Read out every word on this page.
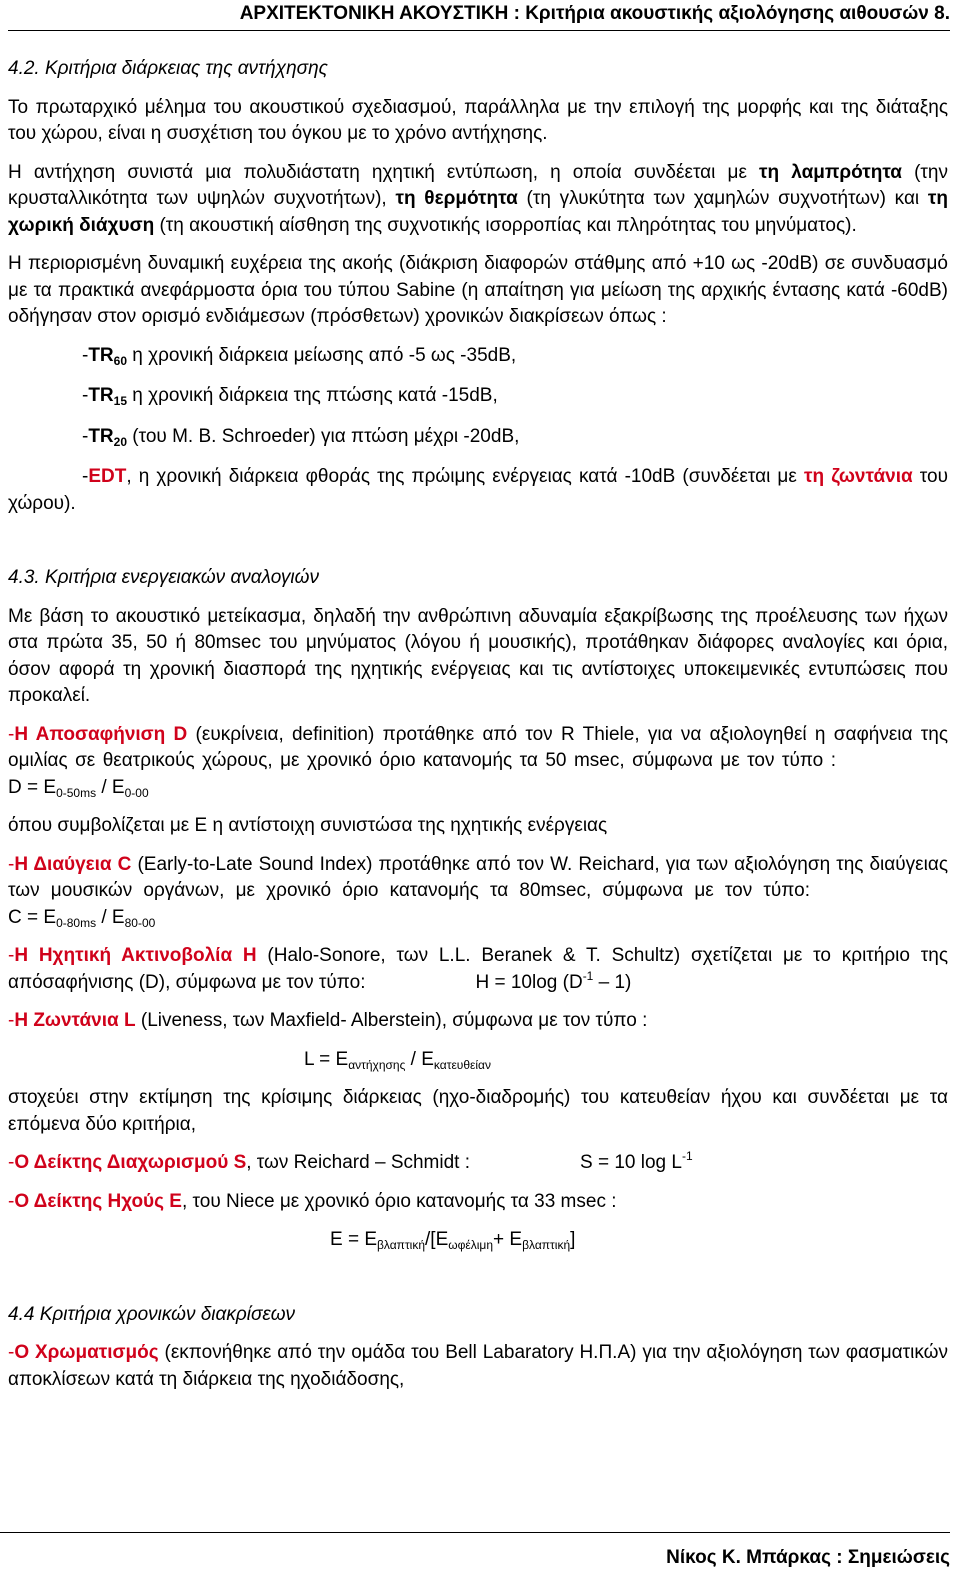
ΑΡΧΙΤΕΚΤΟΝΙΚΗ ΑΚΟΥΣΤΙΚΗ : Κριτήρια ακουστικής αξιολόγησης αιθουσών 8.
4.2. Κριτήρια διάρκειας της αντήχησης

Το πρωταρχικό μέλημα του ακουστικού σχεδιασμού, παράλληλα με την επιλογή της μορφής και της διάταξης του χώρου, είναι η συσχέτιση του όγκου με το χρόνο αντήχησης.

Η αντήχηση συνιστά μια πολυδιάστατη ηχητική εντύπωση, η οποία συνδέεται με τη λαμπρότητα (την κρυσταλλικότητα των υψηλών συχνοτήτων), τη θερμότητα (τη γλυκύτητα των χαμηλών συχνοτήτων) και τη χωρική διάχυση (τη ακουστική αίσθηση της συχνοτικής ισορροπίας και πληρότητας του μηνύματος).

Η περιορισμένη δυναμική ευχέρεια της ακοής (διάκριση διαφορών στάθμης από +10 ως -20dB) σε συνδυασμό με τα πρακτικά ανεφάρμοστα όρια του τύπου Sabine (η απαίτηση για μείωση της αρχικής έντασης κατά -60dB) οδήγησαν στον ορισμό ενδιάμεσων (πρόσθετων) χρονικών διακρίσεων όπως :

$-TR_{60}$ η χρονική διάρκεια μείωσης από -5 ως -35dB,
$-TR_{15}$ η χρονική διάρκεια της πτώσης κατά -15dB,
$-TR_{20}$ (του M. B. Schroeder) για πτώση μέχρι -20dB,

-EDT, η χρονική διάρκεια φθοράς της πρώιμης ενέργειας κατά -10dB (συνδέεται με τη ζωντάνια του χώρου).

4.3. Κριτήρια ενεργειακών αναλογιών

Με βάση το ακουστικό μετείκασμα, δηλαδή την ανθρώπινη αδυναμία εξακρίβωσης της προέλευσης των ήχων στα πρώτα 35, 50 ή 80msec του μηνύματος (λόγου ή μουσικής), προτάθηκαν διάφορες αναλογίες και όρια, όσον αφορά τη χρονική διασπορά της ηχητικής ενέργειας και τις αντίστοιχες υποκειμενικές εντυπώσεις που προκαλεί.

-Η Αποσαφήνιση D (ευκρίνεια, definition) προτάθηκε από τον R Thiele, για να αξιολογηθεί η σαφήνεια της ομιλίας σε θεατρικούς χώρους, με χρονικό όριο κατανομής τα 50 msec, σύμφωνα με τον τύπο :D = $E_{0-50ms} / E_{0-00}$

όπου συμβολίζεται με E η αντίστοιχη συνιστώσα της ηχητικής ενέργειας

-Η Διαύγεια C (Early-to-Late Sound Index) προτάθηκε από τον W. Reichard, για των αξιολόγηση της διαύγειας των μουσικών οργάνων, με χρονικό όριο κατανομής τα 80msec, σύμφωνα με τον τύπο:C = $E_{0-80ms} / E_{80-00}$

-Η Ηχητική Ακτινοβολία Η (Halo-Sonore, των L.L. Beranek & T. Schultz) σχετίζεται με το κριτήριο της απόσαφήνισης (D), σύμφωνα με τον τύπο:	H = 10log $(D^{-1} - 1)$

-Η Ζωντάνια L (Liveness, των Maxfield- Alberstein), σύμφωνα με τον τύπο :

$L = E_{\alpha\nu\tau ή\chi\eta\sigma\eta\varsigma} / E_{\kappa\alpha\tau\varepsilon\upsilon\theta\varepsilon ί\alpha\nu}$

στοχεύει στην εκτίμηση της κρίσιμης διάρκειας (ηχο-διαδρομής) του κατευθείαν ήχου και συνδέεται με τα επόμενα δύο κριτήρια,

-Ο Δείκτης Διαχωρισμού S, των Reichard – Schmidt :	S = 10 $\log L^{-1}$

-Ο Δείκτης Ηχούς E, του Niece με χρονικό όριο κατανομής τα 33 msec :

$E = E_{\beta\lambda\alpha\pi\tau\iota\kappa ή}/[E_{\omega\varphi έ\lambda\iota\mu\eta}+ E_{\beta\lambda\alpha\pi\tau\iota\kappa ή}]$
4.4 Κριτήρια χρονικών διακρίσεων

-Ο Χρωματισμός (εκπονήθηκε από την ομάδα του Bell Labaratory Η.Π.Α) για την αξιολόγηση των φασματικών αποκλίσεων κατά τη διάρκεια της ηχοδιάδοσης,

Νίκος Κ. Μπάρκας : Σημειώσεις
